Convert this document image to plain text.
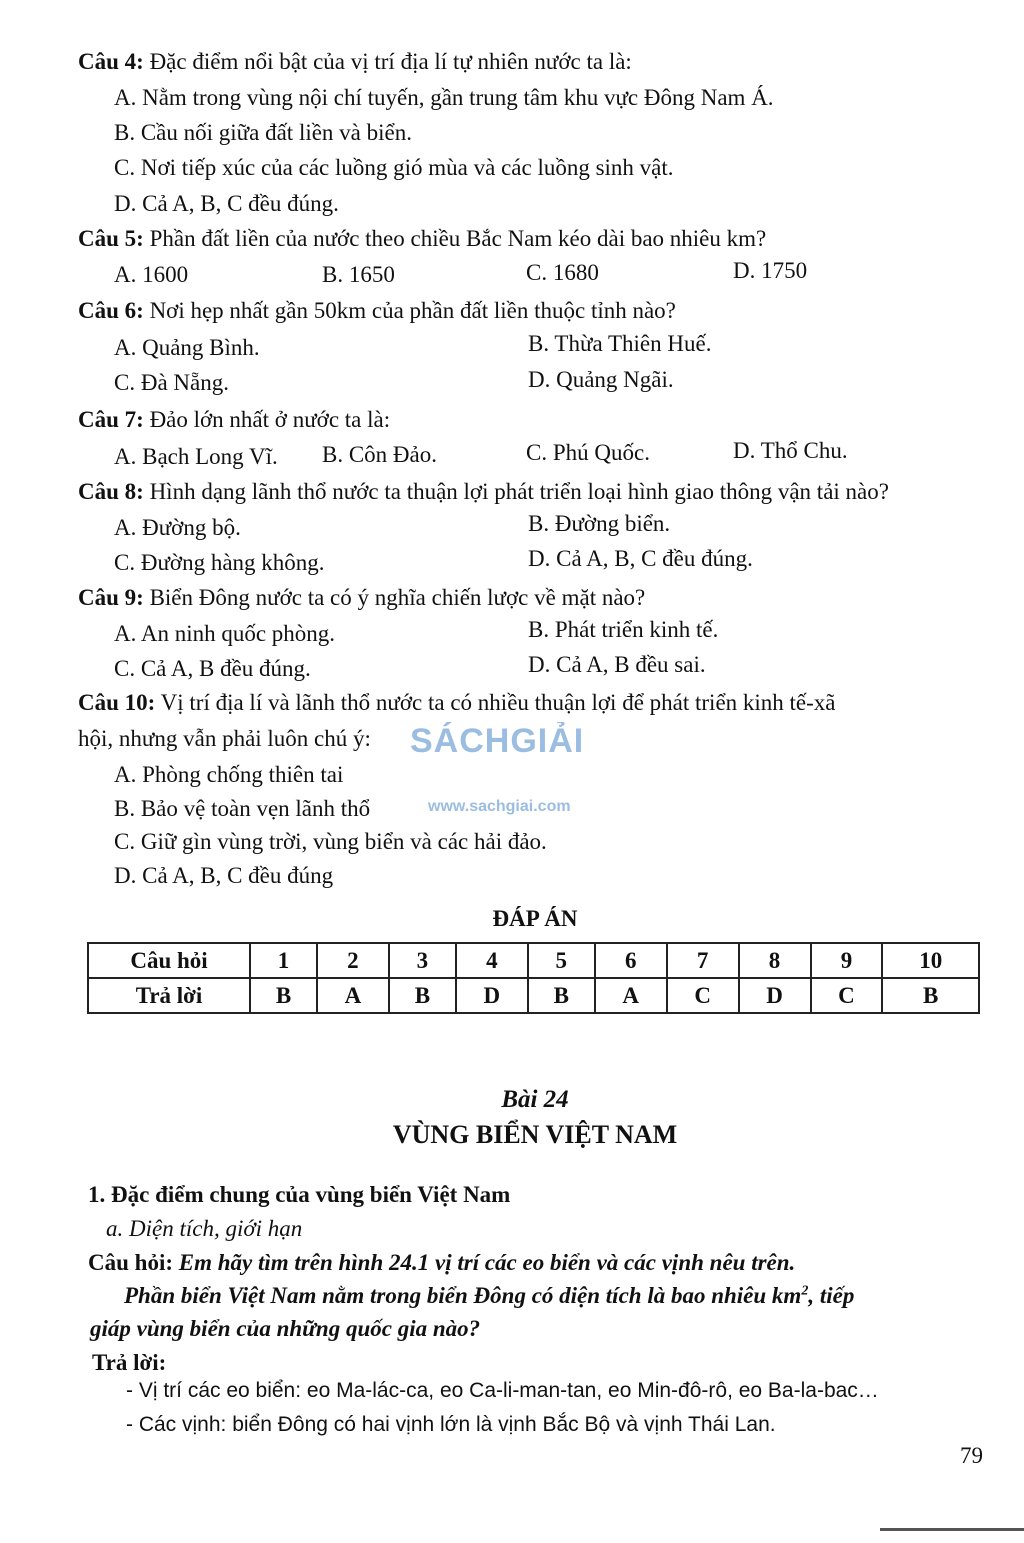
Câu 4: Đặc điểm nổi bật của vị trí địa lí tự nhiên nước ta là:
A. Nằm trong vùng nội chí tuyến, gần trung tâm khu vực Đông Nam Á.
B. Cầu nối giữa đất liền và biển.
C. Nơi tiếp xúc của các luồng gió mùa và các luồng sinh vật.
D. Cả A, B, C đều đúng.
Câu 5: Phần đất liền của nước theo chiều Bắc Nam kéo dài bao nhiêu km?
A. 1600	B. 1650	C. 1680	D. 1750
Câu 6: Nơi hẹp nhất gần 50km của phần đất liền thuộc tỉnh nào?
A. Quảng Bình.	B. Thừa Thiên Huế.
C. Đà Nẵng.	D. Quảng Ngãi.
Câu 7: Đảo lớn nhất ở nước ta là:
A. Bạch Long Vĩ. B. Côn Đảo.	C. Phú Quốc.	D. Thổ Chu.
Câu 8: Hình dạng lãnh thổ nước ta thuận lợi phát triển loại hình giao thông vận tải nào?
A. Đường bộ.	B. Đường biển.
C. Đường hàng không.	D. Cả A, B, C đều đúng.
Câu 9: Biển Đông nước ta có ý nghĩa chiến lược về mặt nào?
A. An ninh quốc phòng.	B. Phát triển kinh tế.
C. Cả A, B đều đúng.	D. Cả A, B đều sai.
Câu 10: Vị trí địa lí và lãnh thổ nước ta có nhiều thuận lợi để phát triển kinh tế-xã
hội, nhưng vẫn phải luôn chú ý:
A. Phòng chống thiên tai
B. Bảo vệ toàn vẹn lãnh thổ
C. Giữ gìn vùng trời, vùng biển và các hải đảo.
D. Cả A, B, C đều đúng
SÁCHGIẢI
www.sachgiai.com
ĐÁP ÁN
Câu hỏi	1	2	3	4	5	6	7	8	9	10
Trả lời	B	A	B	D	B	A	C	D	C	B
Bài 24
VÙNG BIỂN VIỆT NAM
1. Đặc điểm chung của vùng biển Việt Nam
a. Diện tích, giới hạn
Câu hỏi: Em hãy tìm trên hình 24.1 vị trí các eo biển và các vịnh nêu trên.
Phần biển Việt Nam nằm trong biển Đông có diện tích là bao nhiêu $km^2$, tiếp
giáp vùng biển của những quốc gia nào?
Trả lời:
- Vị trí các eo biển: eo Ma-lác-ca, eo Ca-li-man-tan, eo Min-đô-rô, eo Ba-la-bac…
- Các vịnh: biển Đông có hai vịnh lớn là vịnh Bắc Bộ và vịnh Thái Lan.
79
